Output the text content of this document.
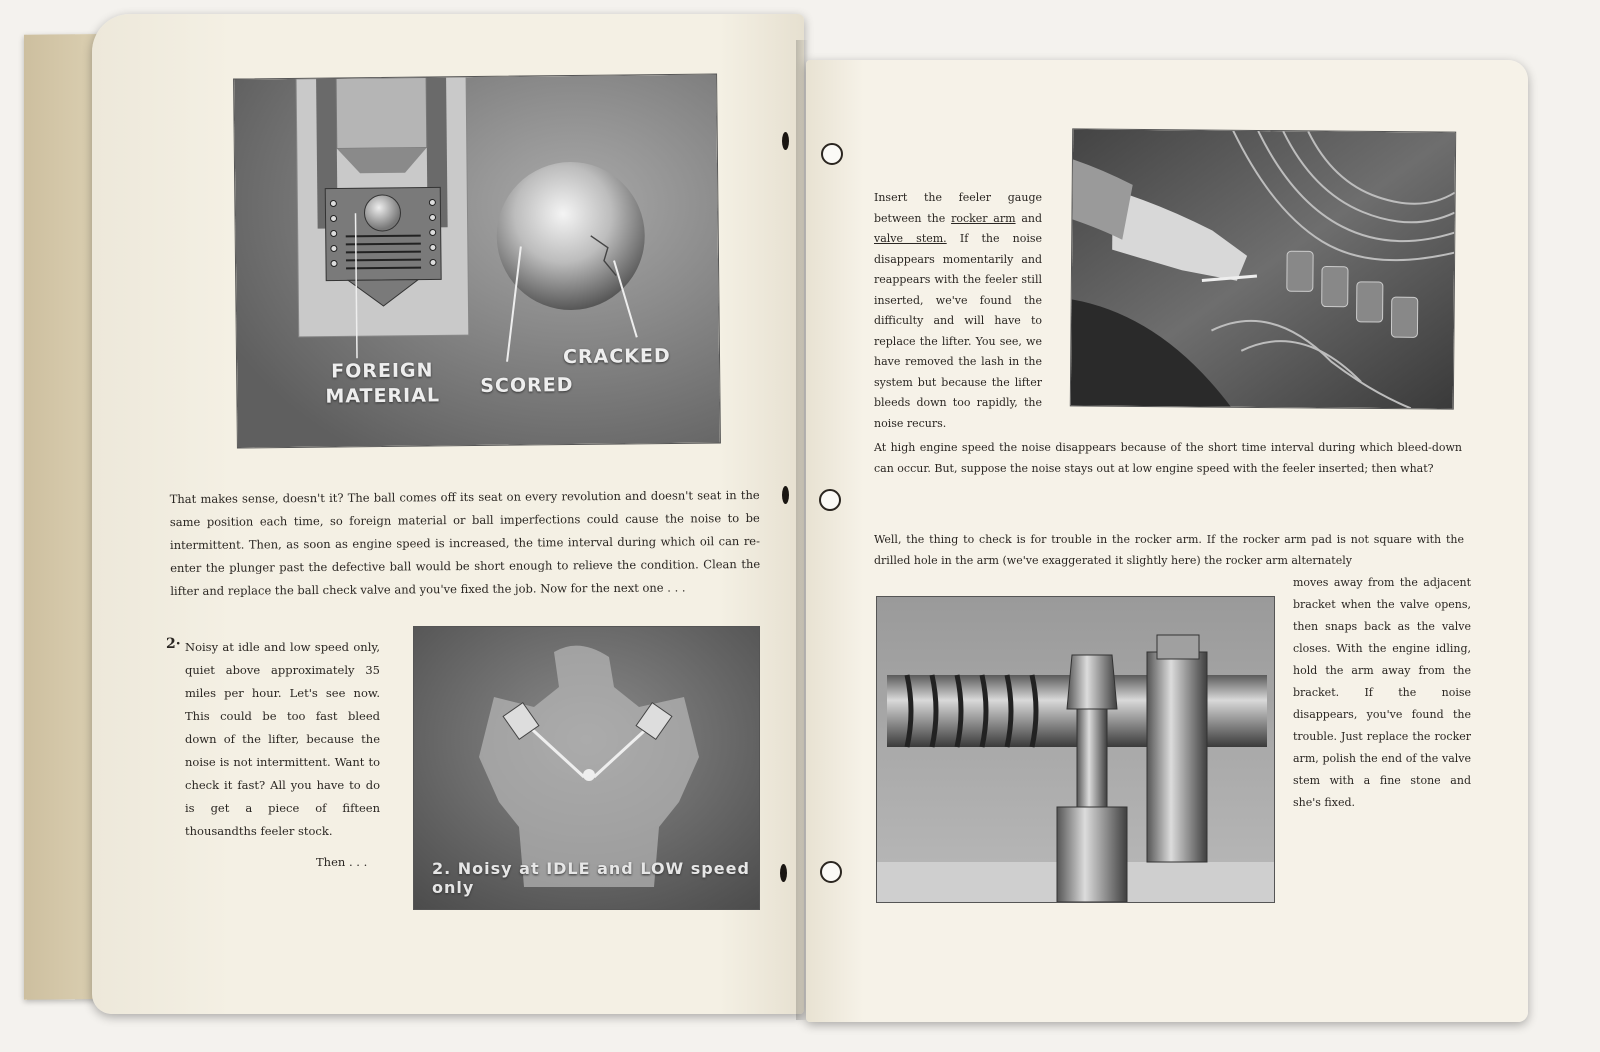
FOREIGN
MATERIAL SCORED
CRACKED

That makes sense, doesn't it? The ball comes off its seat on every revolution and doesn't seat in the same position each time, so foreign material or ball imperfections could cause the noise to be intermittent. Then, as soon as engine speed is increased, the time interval during which oil can re-enter the plunger past the defective ball would be short enough to relieve the condition. Clean the lifter and replace the ball check valve and you've fixed the job. Now for the next one . . .

2· Noisy at idle and low speed only, quiet above approximately 35 miles per hour. Let's see now. This could be too fast bleed down of the lifter, because the noise is not intermittent. Want to check it fast? All you have to do is get a piece of fifteen thousandths feeler stock.

Then . . .	2. Noisy at IDLE and LOW speed only

Insert the feeler gauge between the rocker arm and valve stem. If the noise disappears momentarily and reappears with the feeler still inserted, we've found the difficulty and will have to replace the lifter. You see, we have removed the lash in the system but because the lifter bleeds down too rapidly, the noise recurs.

At high engine speed the noise disappears because of the short time interval during which bleed-down can occur. But, suppose the noise stays out at low engine speed with the feeler inserted; then what?

Well, the thing to check is for trouble in the rocker arm. If the rocker arm pad is not square with the drilled hole in the arm (we've exaggerated it slightly here) the rocker arm alternately

moves away from the adjacent bracket when the valve opens, then snaps back as the valve closes. With the engine idling, hold the arm away from the bracket. If the noise disappears, you've found the trouble. Just replace the rocker arm, polish the end of the valve stem with a fine stone and she's fixed.
